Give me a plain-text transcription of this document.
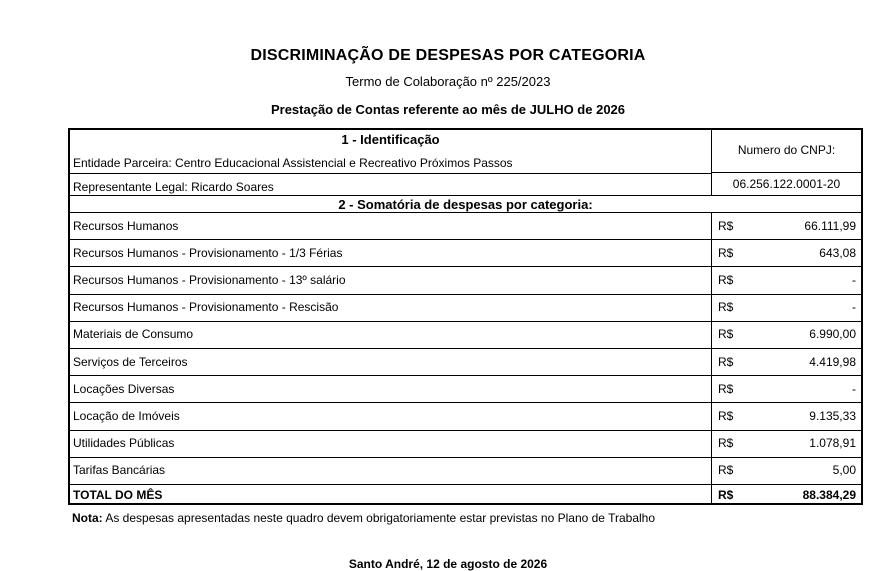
DISCRIMINAÇÃO DE DESPESAS POR CATEGORIA
Termo de Colaboração nº 225/2023
Prestação de Contas referente ao mês de JULHO de 2026
1 - Identificação
Entidade Parceira: Centro Educacional Assistencial e Recreativo Próximos Passos
Representante Legal: Ricardo Soares
Numero do CNPJ:
06.256.122.0001-20
2 - Somatória de despesas por categoria:
Recursos Humanos	R$	66.111,99
Recursos Humanos - Provisionamento - 1/3 Férias	R$	643,08
Recursos Humanos - Provisionamento - 13º salário	R$	-
Recursos Humanos - Provisionamento - Rescisão	R$	-
Materiais de Consumo	R$	6.990,00
Serviços de Terceiros	R$	4.419,98
Locações Diversas	R$	-
Locação de Imóveis	R$	9.135,33
Utilidades Públicas	R$	1.078,91
Tarifas Bancárias	R$	5,00
TOTAL DO MÊS	R$	88.384,29
Nota: As despesas apresentadas neste quadro devem obrigatoriamente estar previstas no Plano de Trabalho
Santo André, 12 de agosto de 2026
